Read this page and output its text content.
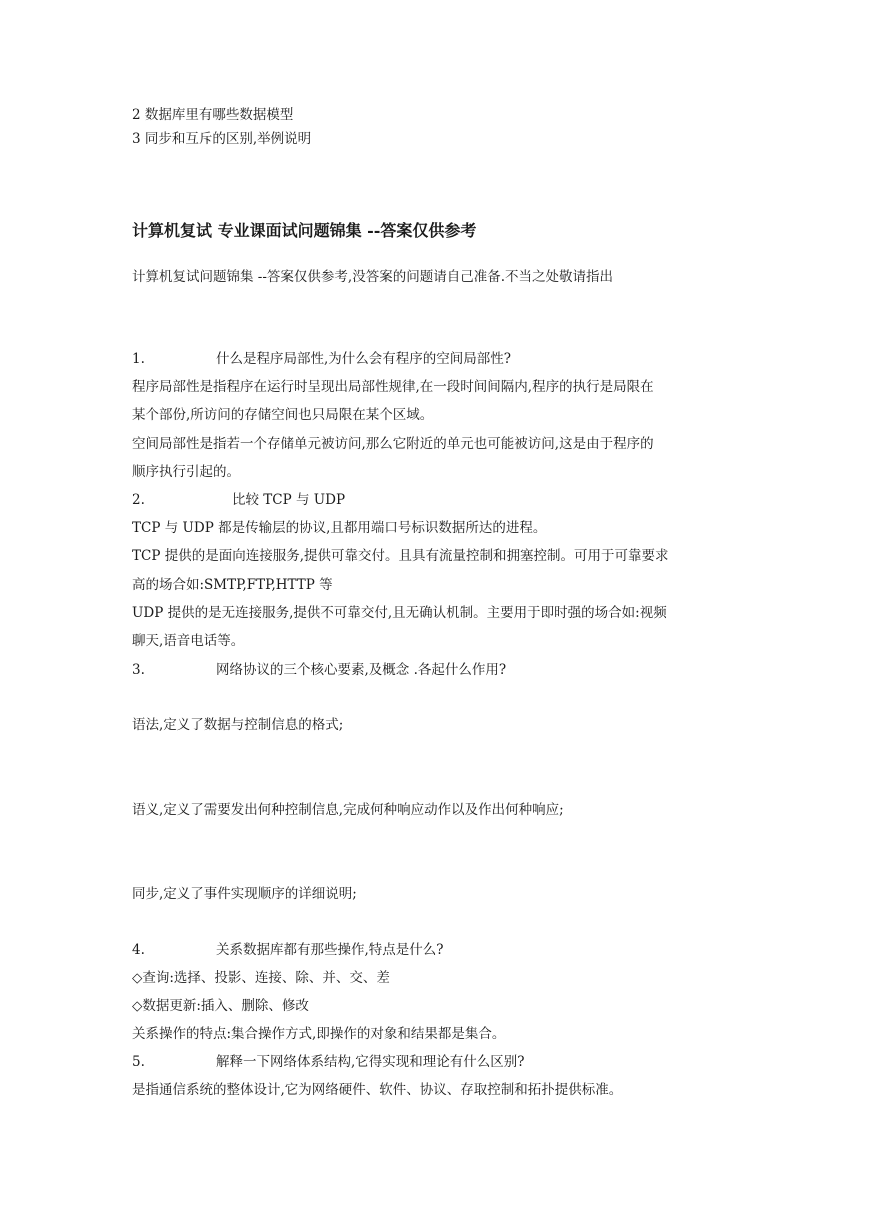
2 数据库里有哪些数据模型
3 同步和互斥的区别,举例说明
计算机复试 专业课面试问题锦集 --答案仅供参考
计算机复试问题锦集 --答案仅供参考,没答案的问题请自己准备.不当之处敬请指出
1.	什么是程序局部性,为什么会有程序的空间局部性?
程序局部性是指程序在运行时呈现出局部性规律,在一段时间间隔内,程序的执行是局限在
某个部份,所访问的存储空间也只局限在某个区域。
空间局部性是指若一个存储单元被访问,那么它附近的单元也可能被访问,这是由于程序的
顺序执行引起的。
2.	比较 TCP 与 UDP
TCP 与 UDP 都是传输层的协议,且都用端口号标识数据所达的进程。
TCP 提供的是面向连接服务,提供可靠交付。且具有流量控制和拥塞控制。可用于可靠要求
高的场合如:SMTP,FTP,HTTP 等
UDP 提供的是无连接服务,提供不可靠交付,且无确认机制。主要用于即时强的场合如:视频
聊天,语音电话等。
3.	网络协议的三个核心要素,及概念 .各起什么作用?
语法,定义了数据与控制信息的格式;
语义,定义了需要发出何种控制信息,完成何种响应动作以及作出何种响应;
同步,定义了事件实现顺序的详细说明;
4.	关系数据库都有那些操作,特点是什么?
◇查询:选择、投影、连接、除、并、交、差
◇数据更新:插入、删除、修改
关系操作的特点:集合操作方式,即操作的对象和结果都是集合。
5.	解释一下网络体系结构,它得实现和理论有什么区别?
是指通信系统的整体设计,它为网络硬件、软件、协议、存取控制和拓扑提供标准。
